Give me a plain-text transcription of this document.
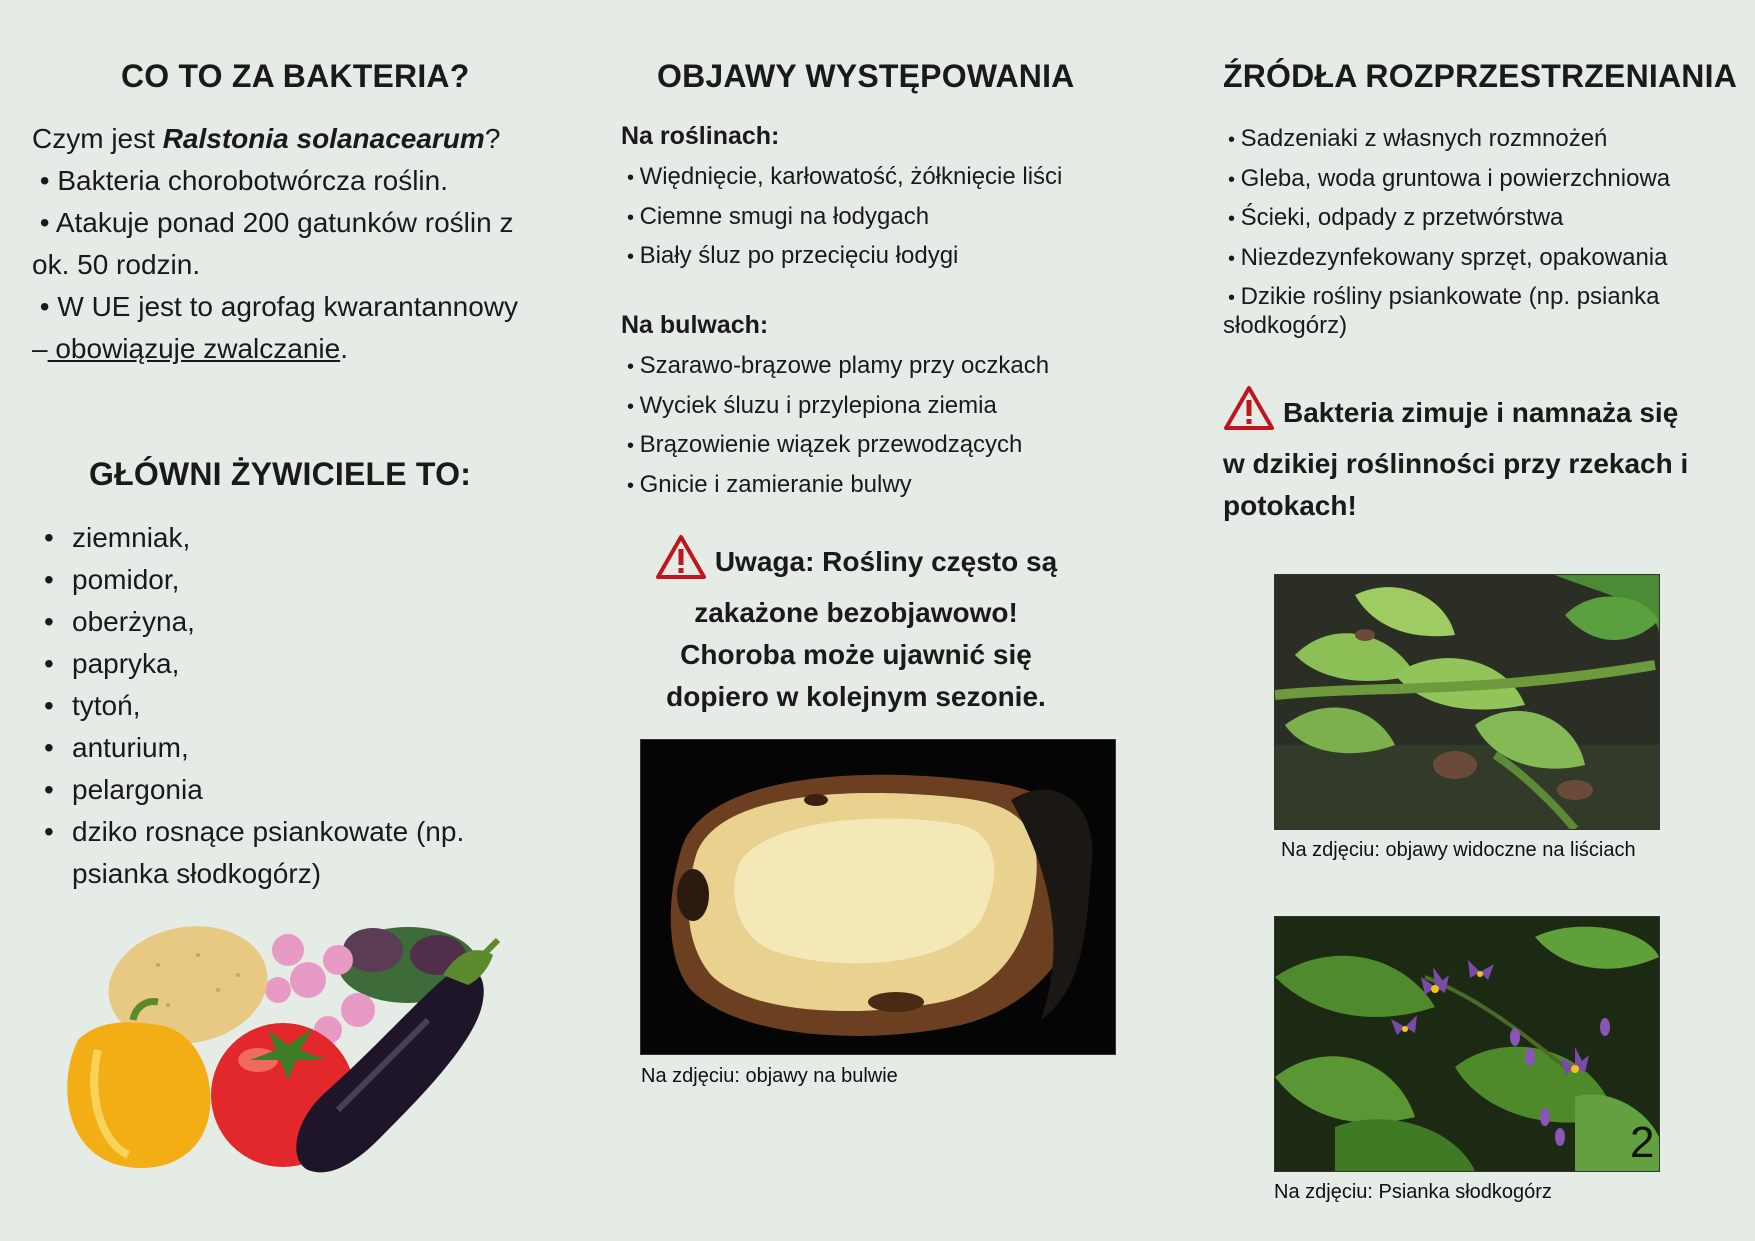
CO TO ZA BAKTERIA?
Czym jest Ralstonia solanacearum?
• Bakteria chorobotwórcza roślin.
• Atakuje ponad 200 gatunków roślin z ok. 50 rodzin.
• W UE jest to agrofag kwarantannowy
– obowiązuje zwalczanie.
GŁÓWNI ŻYWICIELE TO:
• ziemniak,
• pomidor,
• oberżyna,
• papryka,
• tytoń,
• anturium,
• pelargonia
• dziko rosnące psiankowate (np. psianka słodkogórz)
OBJAWY WYSTĘPOWANIA
Na roślinach:
• Więdnięcie, karłowatość, żółknięcie liści
• Ciemne smugi na łodygach
• Biały śluz po przecięciu łodygi
Na bulwach:
• Szarawo-brązowe plamy przy oczkach
• Wyciek śluzu i przylepiona ziemia
• Brązowienie wiązek przewodzących
• Gnicie i zamieranie bulwy
Uwaga: Rośliny często są zakażone bezobjawowo! Choroba może ujawnić się dopiero w kolejnym sezonie.
Na zdjęciu: objawy na bulwie
ŹRÓDŁA ROZPRZESTRZENIANIA
• Sadzeniaki z własnych rozmnożeń
• Gleba, woda gruntowa i powierzchniowa
• Ścieki, odpady z przetwórstwa
• Niezdezynfekowany sprzęt, opakowania
• Dzikie rośliny psiankowate (np. psianka
słodkogórz)
Bakteria zimuje i namnaża się w dzikiej roślinności przy rzekach i potokach!
Na zdjęciu: objawy widoczne na liściach
Na zdjęciu: Psianka słodkogórz
2
